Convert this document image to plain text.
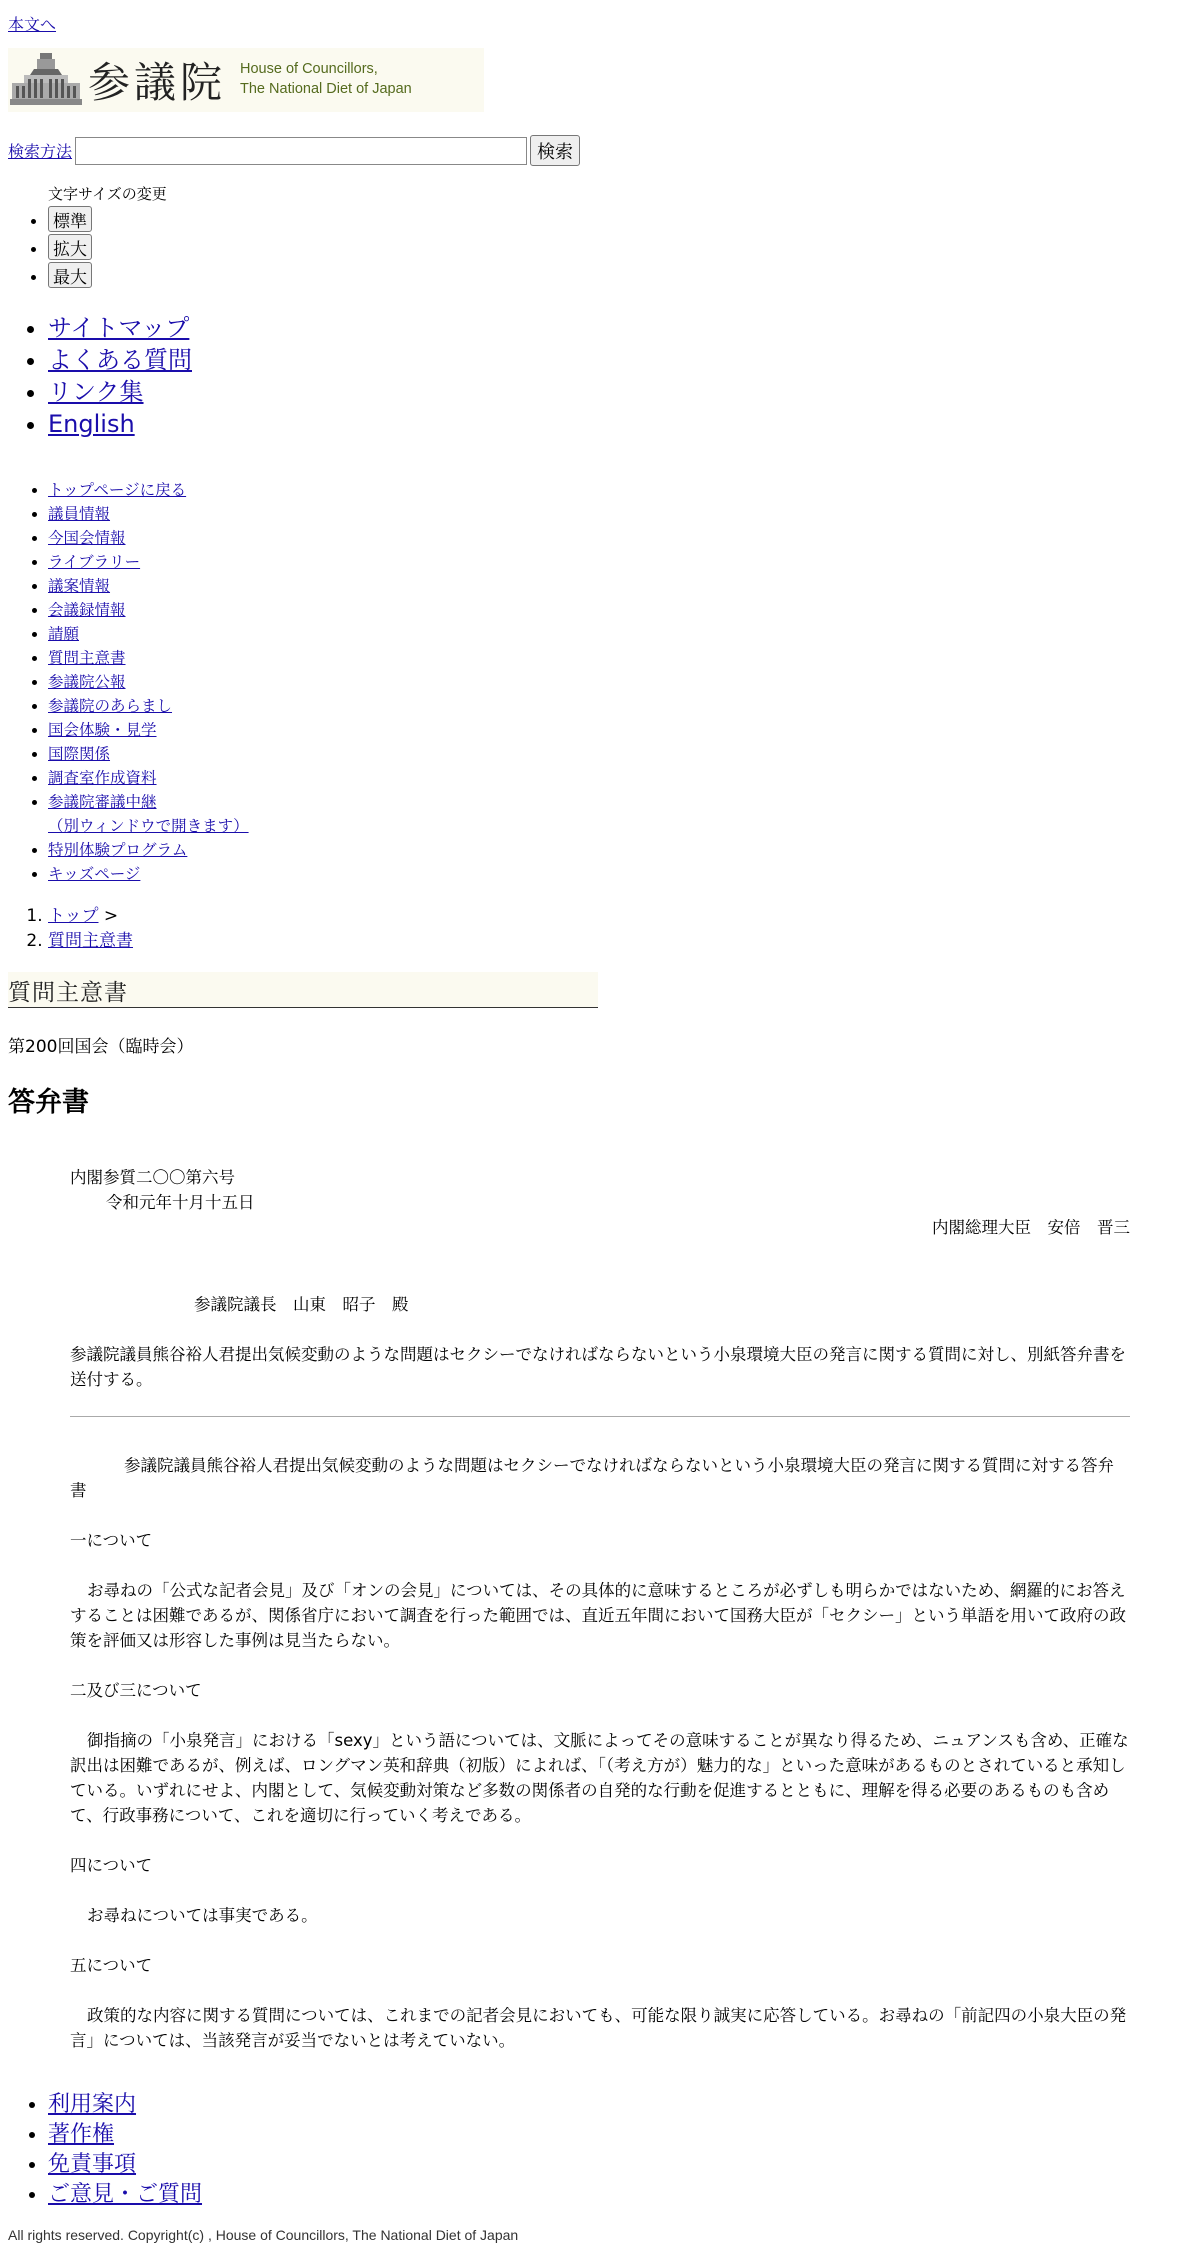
本文へ
参議院 House of Councillors,
The National Diet of Japan
検索方法	検索
文字サイズの変更
• 標準
• 拡大
• 最大
• サイトマップ
• よくある質問
• リンク集
• English
• トップページに戻る
• 議員情報
• 今国会情報
• ライブラリー
• 議案情報
• 会議録情報
• 請願
• 質問主意書
• 参議院公報
• 参議院のあらまし
• 国会体験・見学
• 国際関係
• 調査室作成資料
• 参議院審議中継
（別ウィンドウで開きます）
• 特別体験プログラム
• キッズページ
1. トップ >
2. 質問主意書
質問主意書
第200回国会（臨時会）
答弁書

内閣参質二〇〇第六号

令和元年十月十五日

内閣総理大臣　安倍　晋三

参議院議長　山東　昭子　殿

参議院議員熊谷裕人君提出気候変動のような問題はセクシーでなければならないという小泉環境大臣の発言に関する質問に対し、別紙答弁書を送付する。

参議院議員熊谷裕人君提出気候変動のような問題はセクシーでなければならないという小泉環境大臣の発言に関する質問に対する答弁書

一について

お尋ねの「公式な記者会見」及び「オンの会見」については、その具体的に意味するところが必ずしも明らかではないため、網羅的にお答えすることは困難であるが、関係省庁において調査を行った範囲では、直近五年間において国務大臣が「セクシー」という単語を用いて政府の政策を評価又は形容した事例は見当たらない。

二及び三について

御指摘の「小泉発言」における「sexy」という語については、文脈によってその意味することが異なり得るため、ニュアンスも含め、正確な訳出は困難であるが、例えば、ロングマン英和辞典（初版）によれば、「（考え方が）魅力的な」といった意味があるものとされていると承知している。いずれにせよ、内閣として、気候変動対策など多数の関係者の自発的な行動を促進するとともに、理解を得る必要のあるものも含めて、行政事務について、これを適切に行っていく考えである。

四について

お尋ねについては事実である。

五について

政策的な内容に関する質問については、これまでの記者会見においても、可能な限り誠実に応答している。お尋ねの「前記四の小泉大臣の発言」については、当該発言が妥当でないとは考えていない。

• 利用案内
• 著作権
• 免責事項
• ご意見・ご質問
All rights reserved. Copyright(c) , House of Councillors, The National Diet of Japan
